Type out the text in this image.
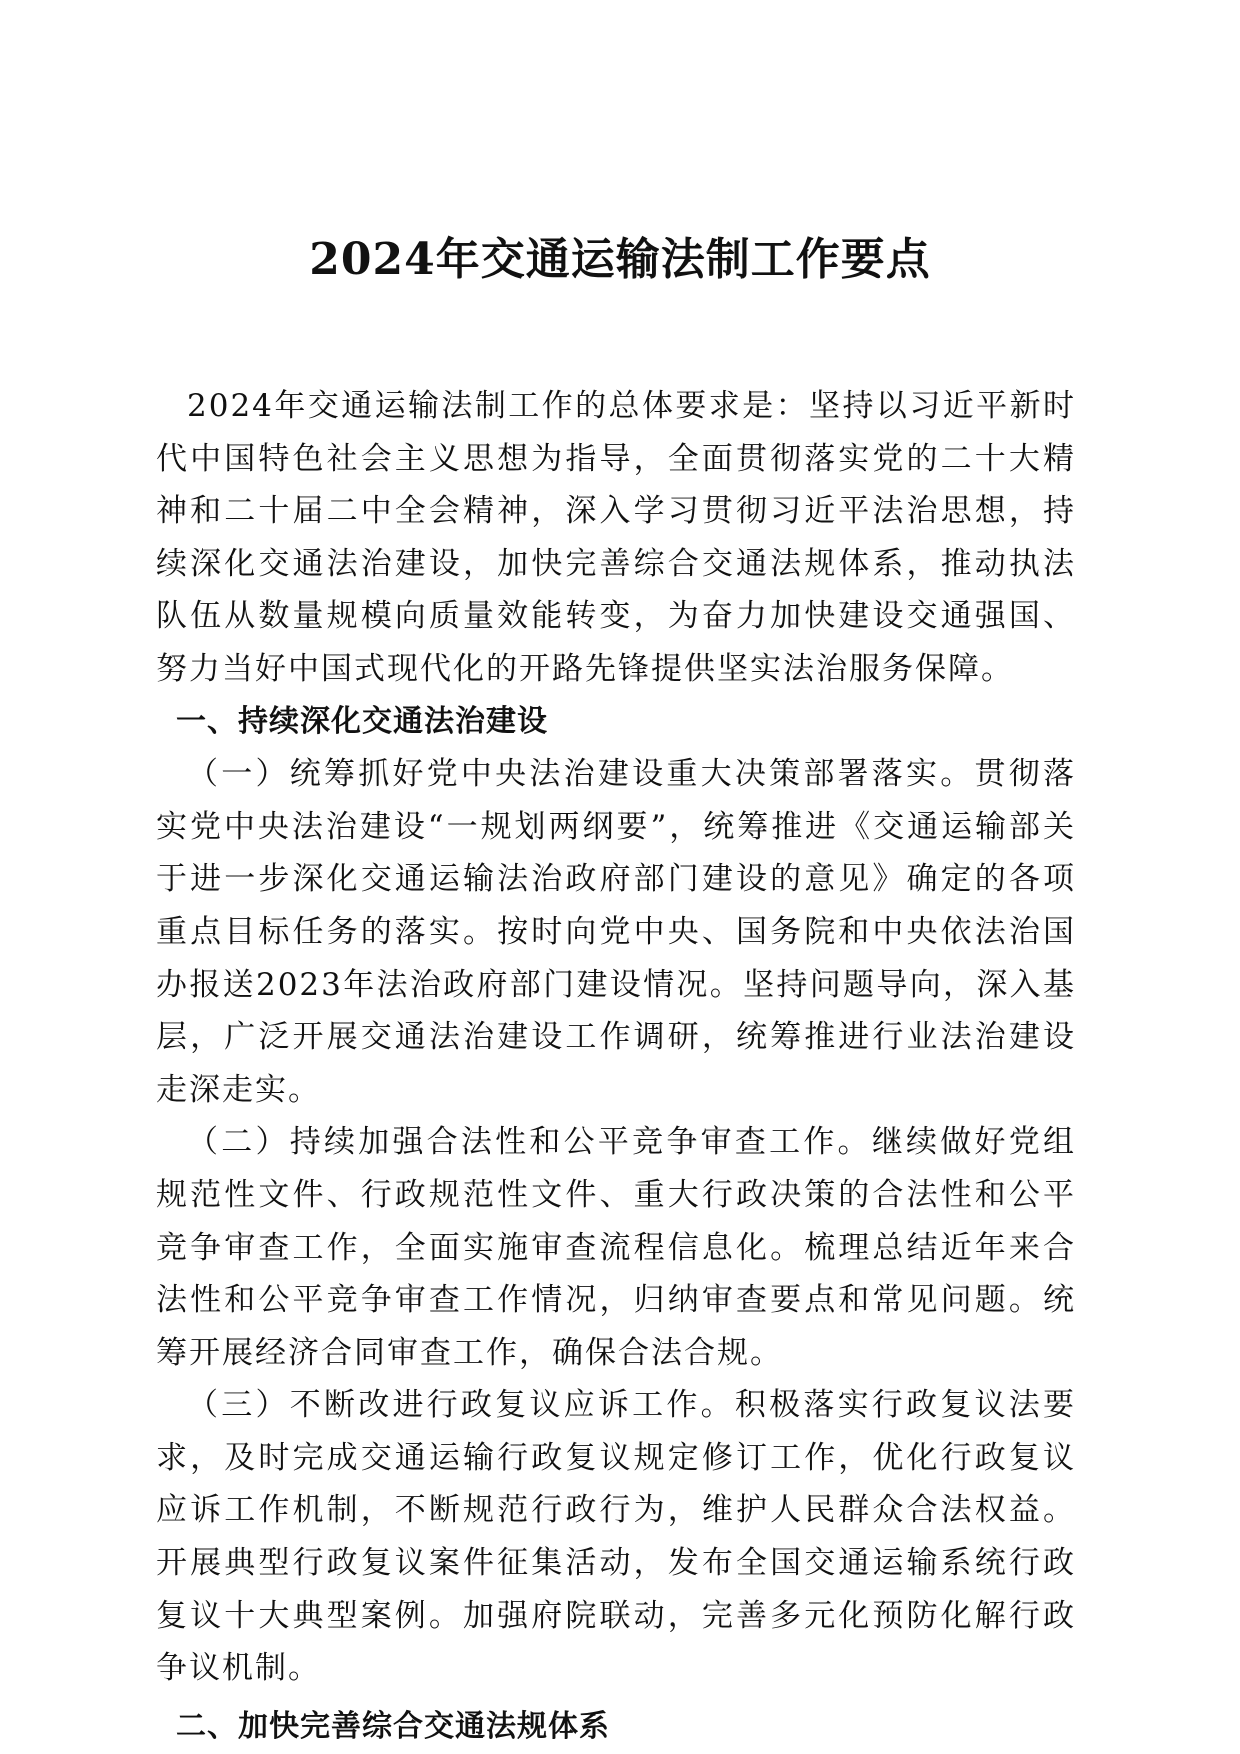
2024年交通运输法制工作要点

2024年交通运输法制工作的总体要求是：坚持以习近平新时代中国特色社会主义思想为指导，全面贯彻落实党的二十大精神和二十届二中全会精神，深入学习贯彻习近平法治思想，持续深化交通法治建设，加快完善综合交通法规体系，推动执法队伍从数量规模向质量效能转变，为奋力加快建设交通强国、努力当好中国式现代化的开路先锋提供坚实法治服务保障。

一、持续深化交通法治建设

（一）统筹抓好党中央法治建设重大决策部署落实。贯彻落实党中央法治建设“一规划两纲要”，统筹推进《交通运输部关于进一步深化交通运输法治政府部门建设的意见》确定的各项重点目标任务的落实。按时向党中央、国务院和中央依法治国办报送2023年法治政府部门建设情况。坚持问题导向，深入基层，广泛开展交通法治建设工作调研，统筹推进行业法治建设走深走实。

（二）持续加强合法性和公平竞争审查工作。继续做好党组规范性文件、行政规范性文件、重大行政决策的合法性和公平竞争审查工作，全面实施审查流程信息化。梳理总结近年来合法性和公平竞争审查工作情况，归纳审查要点和常见问题。统筹开展经济合同审查工作，确保合法合规。

（三）不断改进行政复议应诉工作。积极落实行政复议法要求，及时完成交通运输行政复议规定修订工作，优化行政复议应诉工作机制，不断规范行政行为，维护人民群众合法权益。开展典型行政复议案件征集活动，发布全国交通运输系统行政复议十大典型案例。加强府院联动，完善多元化预防化解行政争议机制。

二、加快完善综合交通法规体系
